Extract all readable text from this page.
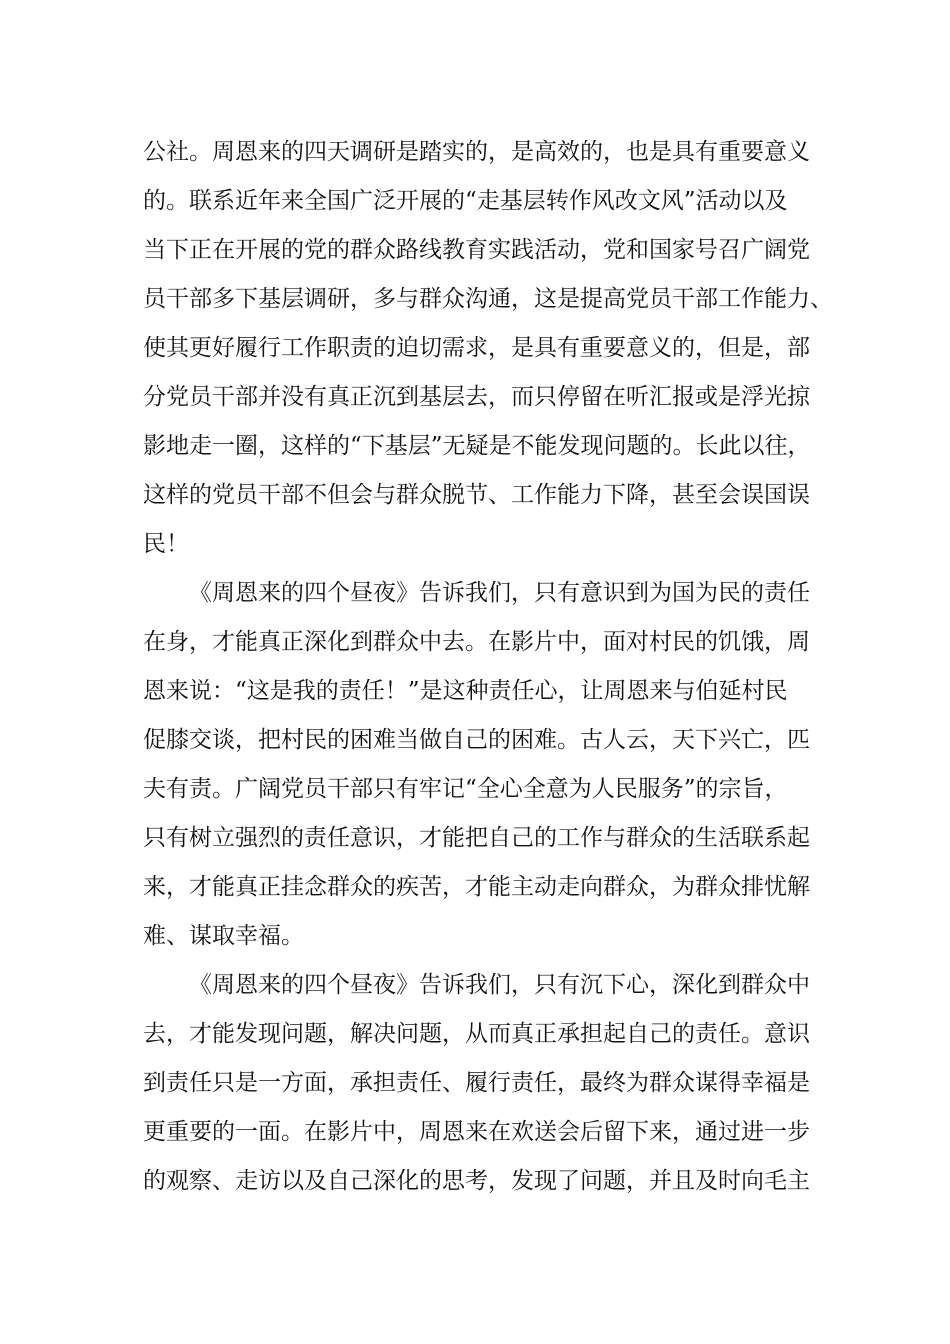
公社。周恩来的四天调研是踏实的，是高效的，也是具有重要意义
的。联系近年来全国广泛开展的“走基层转作风改文风”活动以及
当下正在开展的党的群众路线教育实践活动，党和国家号召广阔党
员干部多下基层调研，多与群众沟通，这是提高党员干部工作能力、
使其更好履行工作职责的迫切需求，是具有重要意义的，但是，部
分党员干部并没有真正沉到基层去，而只停留在听汇报或是浮光掠
影地走一圈，这样的“下基层”无疑是不能发现问题的。长此以往，
这样的党员干部不但会与群众脱节、工作能力下降，甚至会误国误
民！
《周恩来的四个昼夜》告诉我们，只有意识到为国为民的责任
在身，才能真正深化到群众中去。在影片中，面对村民的饥饿，周
恩来说：“这是我的责任！”是这种责任心，让周恩来与伯延村民
促膝交谈，把村民的困难当做自己的困难。古人云，天下兴亡，匹
夫有责。广阔党员干部只有牢记“全心全意为人民服务”的宗旨，
只有树立强烈的责任意识，才能把自己的工作与群众的生活联系起
来，才能真正挂念群众的疾苦，才能主动走向群众，为群众排忧解
难、谋取幸福。
《周恩来的四个昼夜》告诉我们，只有沉下心，深化到群众中
去，才能发现问题，解决问题，从而真正承担起自己的责任。意识
到责任只是一方面，承担责任、履行责任，最终为群众谋得幸福是
更重要的一面。在影片中，周恩来在欢送会后留下来，通过进一步
的观察、走访以及自己深化的思考，发现了问题，并且及时向毛主
